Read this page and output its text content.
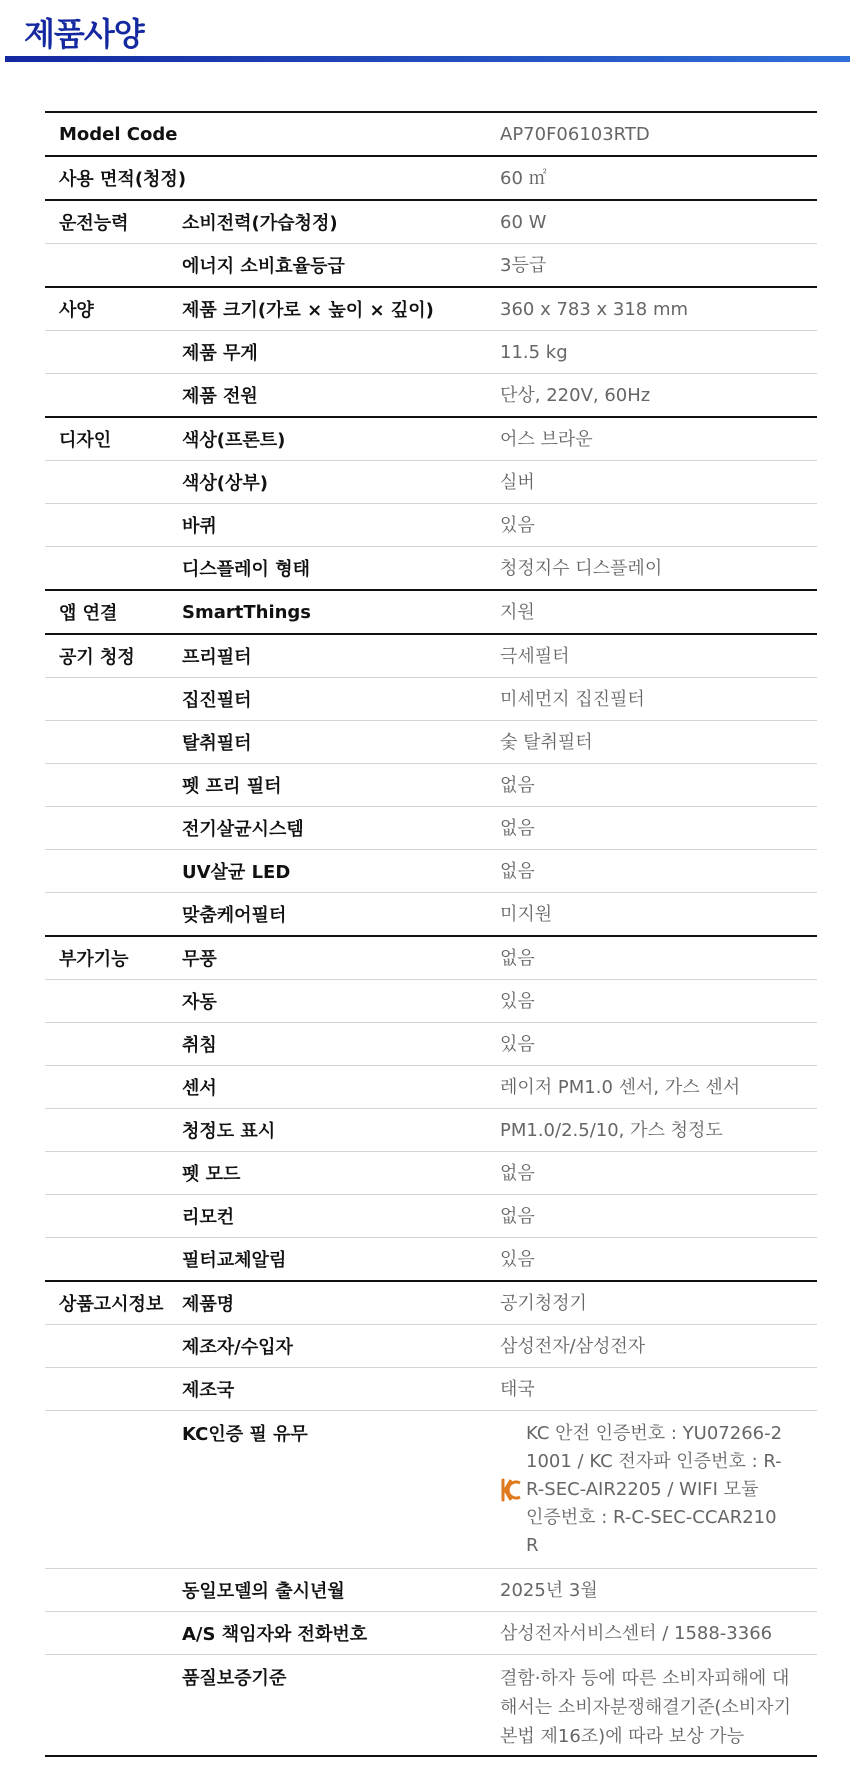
제품사양
Model Code	AP70F06103RTD
사용 면적(청정)	60 ㎡
운전능력	소비전력(가습청정)	60 W
에너지 소비효율등급	3등급
사양	제품 크기(가로 × 높이 × 깊이)	360 x 783 x 318 mm
제품 무게	11.5 kg
제품 전원	단상, 220V, 60Hz
디자인	색상(프론트)	어스 브라운
색상(상부)	실버
바퀴	있음
디스플레이 형태	청정지수 디스플레이
앱 연결	SmartThings	지원
공기 청정	프리필터	극세필터
집진필터	미세먼지 집진필터
탈취필터	숯 탈취필터
펫 프리 필터	없음
전기살균시스템	없음
UV살균 LED	없음
맞춤케어필터	미지원
부가기능	무풍	없음
자동	있음
취침	있음
센서	레이저 PM1.0 센서, 가스 센서
청정도 표시	PM1.0/2.5/10, 가스 청정도
펫 모드	없음
리모컨	없음
필터교체알림	있음
상품고시정보	제품명	공기청정기
제조자/수입자	삼성전자/삼성전자
제조국	태국
KC인증 필 유무	KC 안전 인증번호 : YU07266-2
1001 / KC 전자파 인증번호 : R-
R-SEC-AIR2205 / WIFI 모듈
인증번호 : R-C-SEC-CCAR210
R
동일모델의 출시년월	2025년 3월
A/S 책임자와 전화번호	삼성전자서비스센터 / 1588-3366
품질보증기준	결함·하자 등에 따른 소비자피해에 대
해서는 소비자분쟁해결기준(소비자기
본법 제16조)에 따라 보상 가능
